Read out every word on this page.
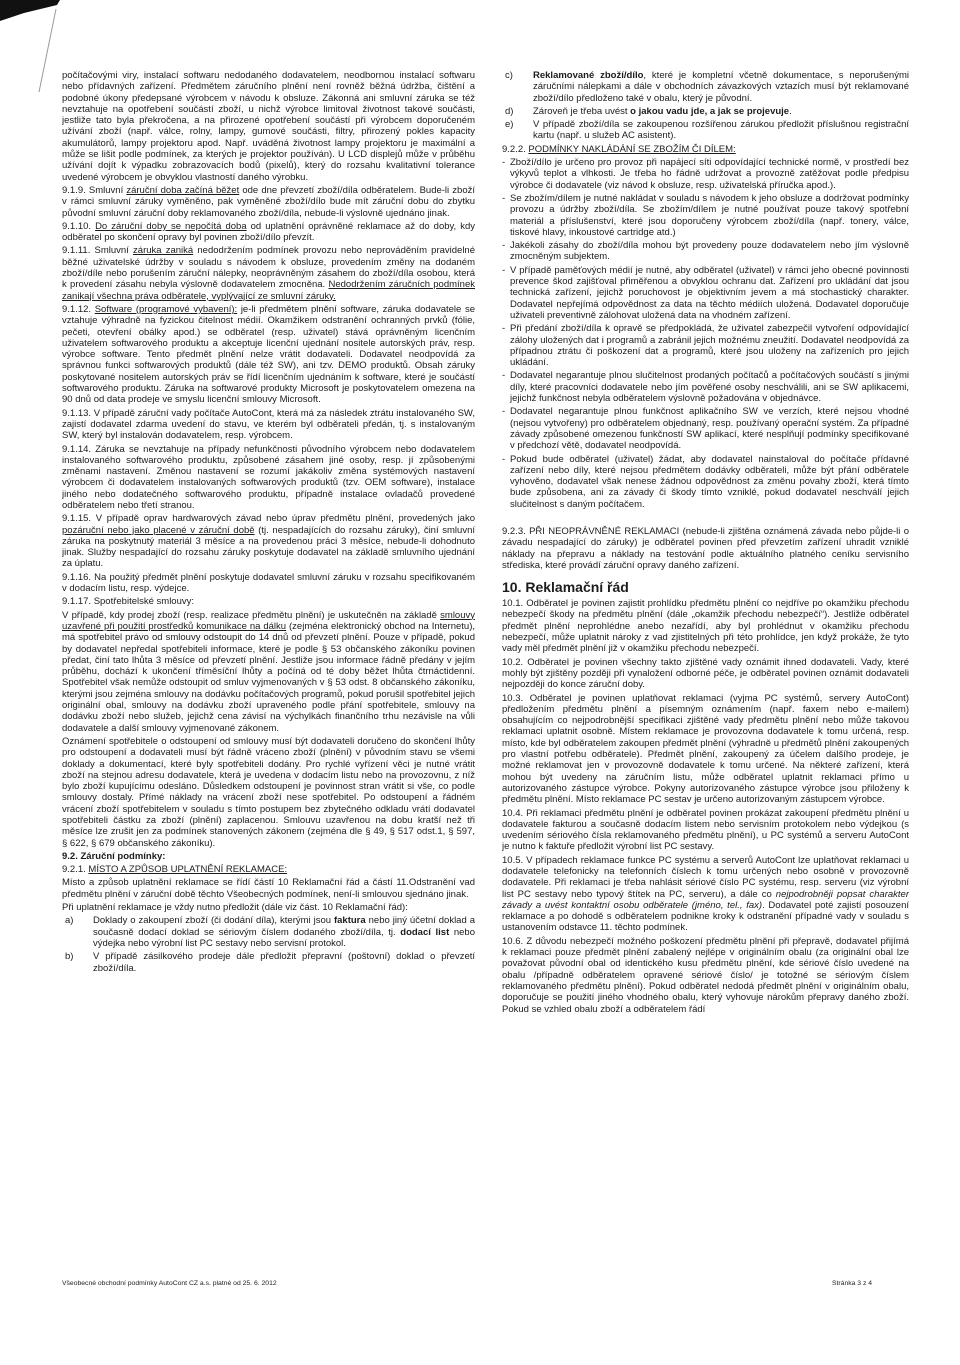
počítačovými viry, instalací softwaru nedodaného dodavatelem, neodbornou instalací softwaru nebo přídavných zařízení. Předmětem záručního plnění není rovněž běžná údržba, čištění a podobné úkony předepsané výrobcem v návodu k obsluze. Zákonná ani smluvní záruka se též nevztahuje na opotřebení součástí zboží, u nichž výrobce limitoval životnost takové součásti, jestliže tato byla překročena, a na přirozené opotřebení součástí při výrobcem doporučeném užívání zboží (např. válce, rolny, lampy, gumové součásti, filtry, přirozený pokles kapacity akumulátorů, lampy projektoru apod. Např. uváděná životnost lampy projektoru je maximální a může se lišit podle podmínek, za kterých je projektor používán). U LCD displejů může v průběhu užívání dojít k výpadku zobrazovacích bodů (pixelů), který do rozsahu kvalitativní tolerance uvedené výrobcem je obvyklou vlastností daného výrobku.

9.1.9. Smluvní záruční doba začíná běžet ode dne převzetí zboží/díla odběratelem. Bude-li zboží v rámci smluvní záruky vyměněno, pak vyměněné zboží/dílo bude mít záruční dobu do zbytku původní smluvní záruční doby reklamovaného zboží/díla, nebude-li výslovně ujednáno jinak.

9.1.10. Do záruční doby se nepočítá doba od uplatnění oprávněné reklamace až do doby, kdy odběratel po skončení opravy byl povinen zboží/dílo převzít.

9.1.11. Smluvní záruka zaniká nedodržením podmínek provozu nebo neprováděním pravidelné běžné uživatelské údržby v souladu s návodem k obsluze, provedením změny na dodaném zboží/díle nebo porušením záruční nálepky, neoprávněným zásahem do zboží/díla osobou, která k provedení zásahu nebyla výslovně dodavatelem zmocněna. Nedodržením záručních podmínek zanikají všechna práva odběratele, vyplývající ze smluvní záruky.

9.1.12. Software (programové vybavení): je-li předmětem plnění software, záruka dodavatele se vztahuje výhradně na fyzickou čitelnost médií. Okamžikem odstranění ochranných prvků (fólie, pečeti, otevření obálky apod.) se odběratel (resp. uživatel) stává oprávněným licenčním uživatelem softwarového produktu a akceptuje licenční ujednání nositele autorských práv, resp. výrobce software. Tento předmět plnění nelze vrátit dodavateli. Dodavatel neodpovídá za správnou funkci softwarových produktů (dále též SW), ani tzv. DEMO produktů. Obsah záruky poskytované nositelem autorských práv se řídí licenčním ujednáním k software, které je součástí softwarového produktu. Záruka na softwarové produkty Microsoft je poskytovatelem omezena na 90 dnů od data prodeje ve smyslu licenční smlouvy Microsoft.

9.1.13. V případě záruční vady počítače AutoCont, která má za následek ztrátu instalovaného SW, zajistí dodavatel zdarma uvedení do stavu, ve kterém byl odběrateli předán, tj. s instalovaným SW, který byl instalován dodavatelem, resp. výrobcem.

9.1.14. Záruka se nevztahuje na případy nefunkčnosti původního výrobcem nebo dodavatelem instalovaného softwarového produktu, způsobené zásahem jiné osoby, resp. jí způsobenými změnami nastavení. Změnou nastavení se rozumí jakákoliv změna systémových nastavení výrobcem či dodavatelem instalovaných softwarových produktů (tzv. OEM software), instalace jiného nebo dodatečného softwarového produktu, případně instalace ovladačů provedené odběratelem nebo třetí stranou.

9.1.15. V případě oprav hardwarových závad nebo úprav předmětu plnění, provedených jako pozáruční nebo jako placené v záruční době (tj. nespadajících do rozsahu záruky), činí smluvní záruka na poskytnutý materiál 3 měsíce a na provedenou práci 3 měsíce, nebude-li dohodnuto jinak. Služby nespadající do rozsahu záruky poskytuje dodavatel na základě smluvního ujednání za úplatu.

9.1.16. Na použitý předmět plnění poskytuje dodavatel smluvní záruku v rozsahu specifikovaném v dodacím listu, resp. výdejce.

9.1.17. Spotřebitelské smlouvy:

V případě, kdy prodej zboží (resp. realizace předmětu plnění) je uskutečněn na základě smlouvy uzavřené při použití prostředků komunikace na dálku (zejména elektronický obchod na Internetu), má spotřebitel právo od smlouvy odstoupit do 14 dnů od převzetí plnění. Pouze v případě, pokud by dodavatel nepředal spotřebiteli informace, které je podle § 53 občanského zákoníku povinen předat, činí tato lhůta 3 měsíce od převzetí plnění. Jestliže jsou informace řádně předány v jejím průběhu, dochází k ukončení tříměsíční lhůty a počíná od té doby běžet lhůta čtrnáctidenní. Spotřebitel však nemůže odstoupit od smluv vyjmenovaných v § 53 odst. 8 občanského zákoníku, kterými jsou zejména smlouvy na dodávku počítačových programů, pokud porušil spotřebitel jejich originální obal, smlouvy na dodávku zboží upraveného podle přání spotřebitele, smlouvy na dodávku zboží nebo služeb, jejichž cena závisí na výchylkách finančního trhu nezávisle na vůli dodavatele a další smlouvy vyjmenované zákonem.

Oznámení spotřebitele o odstoupení od smlouvy musí být dodavateli doručeno do skončení lhůty pro odstoupení a dodavateli musí být řádně vráceno zboží (plnění) v původním stavu se všemi doklady a dokumentací, které byly spotřebiteli dodány. Pro rychlé vyřízení věci je nutné vrátit zboží na stejnou adresu dodavatele, která je uvedena v dodacím listu nebo na provozovnu, z níž bylo zboží kupujícímu odesláno. Důsledkem odstoupení je povinnost stran vrátit si vše, co podle smlouvy dostaly. Přímé náklady na vrácení zboží nese spotřebitel. Po odstoupení a řádném vrácení zboží spotřebitelem v souladu s tímto postupem bez zbytečného odkladu vrátí dodavatel spotřebiteli částku za zboží (plnění) zaplacenou. Smlouvu uzavřenou na dobu kratší než tři měsíce lze zrušit jen za podmínek stanovených zákonem (zejména dle § 49, § 517 odst.1, § 597, § 622, § 679 občanského zákoníku).

9.2. Záruční podmínky:

9.2.1. MÍSTO A ZPŮSOB UPLATNĚNÍ REKLAMACE:

Místo a způsob uplatnění reklamace se řídí částí 10 Reklamační řád a částí 11.Odstranění vad předmětu plnění v záruční době těchto Všeobecných podmínek, není-li smlouvou sjednáno jinak.

Při uplatnění reklamace je vždy nutno předložit (dále viz část. 10 Reklamační řád):

a) Doklady o zakoupení zboží (či dodání díla), kterými jsou faktura nebo jiný účetní doklad a současně dodací doklad se sériovým číslem dodaného zboží/díla, tj. dodací list nebo výdejka nebo výrobní list PC sestavy nebo servisní protokol.

b) V případě zásilkového prodeje dále předložit přepravní (poštovní) doklad o převzetí zboží/díla.

c) Reklamované zboží/dílo, které je kompletní včetně dokumentace, s neporušenými záručními nálepkami a dále v obchodních závazkových vztazích musí být reklamované zboží/dílo předloženo také v obalu, který je původní.

d) Zároveň je třeba uvést o jakou vadu jde, a jak se projevuje.

e) V případě zboží/díla se zakoupenou rozšířenou zárukou předložit příslušnou registrační kartu (např. u služeb AC asistent).

9.2.2. PODMÍNKY NAKLÁDÁNÍ SE ZBOŽÍM ČI DÍLEM:

- Zboží/dílo je určeno pro provoz při napájecí síti odpovídající technické normě, v prostředí bez výkyvů teplot a vlhkosti. Je třeba ho řádně udržovat a provozně zatěžovat podle předpisu výrobce či dodavatele (viz návod k obsluze, resp. uživatelská příručka apod.).

- Se zbožím/dílem je nutné nakládat v souladu s návodem k jeho obsluze a dodržovat podmínky provozu a údržby zboží/díla. Se zbožím/dílem je nutné používat pouze takový spotřební materiál a příslušenství, které jsou doporučeny výrobcem zboží/díla (např. tonery, válce, tiskové hlavy, inkoustové cartridge atd.)

- Jakékoli zásahy do zboží/díla mohou být provedeny pouze dodavatelem nebo jím výslovně zmocněným subjektem.

- V případě paměťových médií je nutné, aby odběratel (uživatel) v rámci jeho obecné povinnosti prevence škod zajišťoval přiměřenou a obvyklou ochranu dat. Zařízení pro ukládání dat jsou technická zařízení, jejichž poruchovost je objektivním jevem a má stochastický charakter. Dodavatel nepřejímá odpovědnost za data na těchto médiích uložená. Dodavatel doporučuje uživateli preventivně zálohovat uložená data na vhodném zařízení.

- Při předání zboží/díla k opravě se předpokládá, že uživatel zabezpečil vytvoření odpovídající zálohy uložených dat i programů a zabránil jejich možnému zneužití. Dodavatel neodpovídá za případnou ztrátu či poškození dat a programů, které jsou uloženy na zařízeních pro jejich ukládání.

- Dodavatel negarantuje plnou slučitelnost prodaných počítačů a počítačových součástí s jinými díly, které pracovníci dodavatele nebo jím pověřené osoby neschválili, ani se SW aplikacemi, jejichž funkčnost nebyla odběratelem výslovně požadována v objednávce.

- Dodavatel negarantuje plnou funkčnost aplikačního SW ve verzích, které nejsou vhodné (nejsou vytvořeny) pro odběratelem objednaný, resp. používaný operační systém. Za případné závady způsobené omezenou funkčností SW aplikací, které nesplňují podmínky specifikované v předchozí větě, dodavatel neodpovídá.

- Pokud bude odběratel (uživatel) žádat, aby dodavatel nainstaloval do počítače přídavné zařízení nebo díly, které nejsou předmětem dodávky odběrateli, může být přání odběratele vyhověno, dodavatel však nenese žádnou odpovědnost za změnu povahy zboží, která tímto bude způsobena, ani za závady či škody tímto vzniklé, pokud dodavatel neschválí jejich slučitelnost s daným počítačem.

9.2.3. PŘI NEOPRÁVNĚNÉ REKLAMACI (nebude-li zjištěna oznámená závada nebo půjde-li o závadu nespadající do záruky) je odběratel povinen před převzetím zařízení uhradit vzniklé náklady na přepravu a náklady na testování podle aktuálního platného ceníku servisního střediska, které provádí záruční opravy daného zařízení.

10. Reklamační řád

10.1. Odběratel je povinen zajistit prohlídku předmětu plnění co nejdříve po okamžiku přechodu nebezpečí škody na předmětu plnění (dále „okamžik přechodu nebezpečí“). Jestliže odběratel předmět plnění neprohlédne anebo nezařídí, aby byl prohlédnut v okamžiku přechodu nebezpečí, může uplatnit nároky z vad zjistitelných při této prohlídce, jen když prokáže, že tyto vady měl předmět plnění již v okamžiku přechodu nebezpečí.

10.2. Odběratel je povinen všechny takto zjištěné vady oznámit ihned dodavateli. Vady, které mohly být zjištěny později při vynaložení odborné péče, je odběratel povinen oznámit dodavateli nejpozději do konce záruční doby.

10.3. Odběratel je povinen uplatňovat reklamaci (vyjma PC systémů, servery AutoCont) předložením předmětu plnění a písemným oznámením (např. faxem nebo e-mailem) obsahujícím co nejpodrobnější specifikaci zjištěné vady předmětu plnění nebo může takovou reklamaci uplatnit osobně. Místem reklamace je provozovna dodavatele k tomu určená, resp. místo, kde byl odběratelem zakoupen předmět plnění (výhradně u předmětů plnění zakoupených pro vlastní potřebu odběratele). Předmět plnění, zakoupený za účelem dalšího prodeje, je možné reklamovat jen v provozovně dodavatele k tomu určené. Na některé zařízení, která mohou být uvedeny na záručním listu, může odběratel uplatnit reklamaci přímo u autorizovaného zástupce výrobce. Pokyny autorizovaného zástupce výrobce jsou přiloženy k předmětu plnění. Místo reklamace PC sestav je určeno autorizovaným zástupcem výrobce.

10.4. Při reklamaci předmětu plnění je odběratel povinen prokázat zakoupení předmětu plnění u dodavatele fakturou a současně dodacím listem nebo servisním protokolem nebo výdejkou (s uvedením sériového čísla reklamovaného předmětu plnění), u PC systémů a serveru AutoCont je nutno k faktuře předložit výrobní list PC sestavy.

10.5. V případech reklamace funkce PC systému a serverů AutoCont lze uplatňovat reklamaci u dodavatele telefonicky na telefonních číslech k tomu určených nebo osobně v provozovně dodavatele. Při reklamaci je třeba nahlásit sériové číslo PC systému, resp. serveru (viz výrobní list PC sestavy nebo typový štítek na PC, serveru), a dále co nejpodrobněji popsat charakter závady a uvést kontaktní osobu odběratele (jméno, tel., fax). Dodavatel poté zajistí posouzení reklamace a po dohodě s odběratelem podnikne kroky k odstranění případné vady v souladu s ustanovením odstavce 11. těchto podmínek.

10.6. Z důvodu nebezpečí možného poškození předmětu plnění při přepravě, dodavatel přijímá k reklamaci pouze předmět plnění zabalený nejlépe v originálním obalu (za originální obal lze považovat původní obal od identického kusu předmětu plnění, kde sériové číslo uvedené na obalu /případně odběratelem opravené sériové číslo/ je totožné se sériovým číslem reklamovaného předmětu plnění). Pokud odběratel nedodá předmět plnění v originálním obalu, doporučuje se použití jiného vhodného obalu, který vyhovuje nárokům přepravy daného zboží. Pokud se vzhled obalu zboží a odběratelem řádí

Všeobecné obchodní podmínky AutoCont CZ a.s. platné od 25. 6. 2012	Stránka 3 z 4
